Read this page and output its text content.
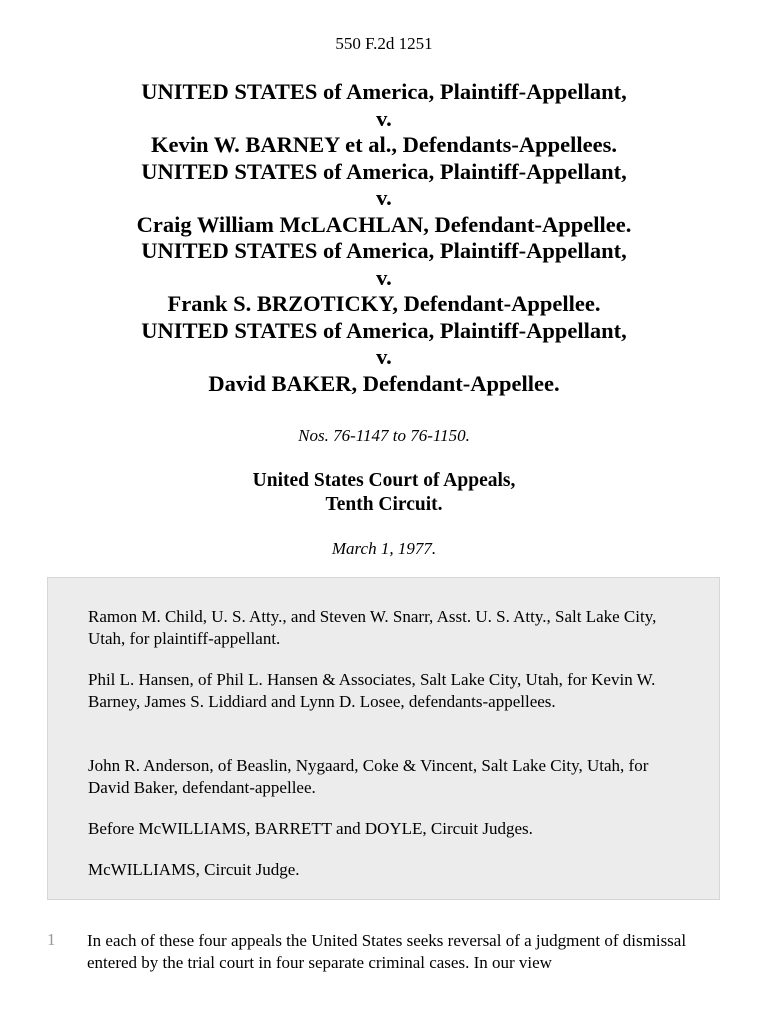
550 F.2d 1251
UNITED STATES of America, Plaintiff-Appellant,
v.
Kevin W. BARNEY et al., Defendants-Appellees.
UNITED STATES of America, Plaintiff-Appellant,
v.
Craig William McLACHLAN, Defendant-Appellee.
UNITED STATES of America, Plaintiff-Appellant,
v.
Frank S. BRZOTICKY, Defendant-Appellee.
UNITED STATES of America, Plaintiff-Appellant,
v.
David BAKER, Defendant-Appellee.
Nos. 76-1147 to 76-1150.
United States Court of Appeals,
Tenth Circuit.
March 1, 1977.

Ramon M. Child, U. S. Atty., and Steven W. Snarr, Asst. U. S. Atty., Salt Lake City, Utah, for plaintiff-appellant.

Phil L. Hansen, of Phil L. Hansen & Associates, Salt Lake City, Utah, for Kevin W. Barney, James S. Liddiard and Lynn D. Losee, defendants-appellees.

John R. Anderson, of Beaslin, Nygaard, Coke & Vincent, Salt Lake City, Utah, for David Baker, defendant-appellee.

Before McWILLIAMS, BARRETT and DOYLE, Circuit Judges.

McWILLIAMS, Circuit Judge.

1 In each of these four appeals the United States seeks reversal of a judgment of dismissal entered by the trial court in four separate criminal cases. In our view
